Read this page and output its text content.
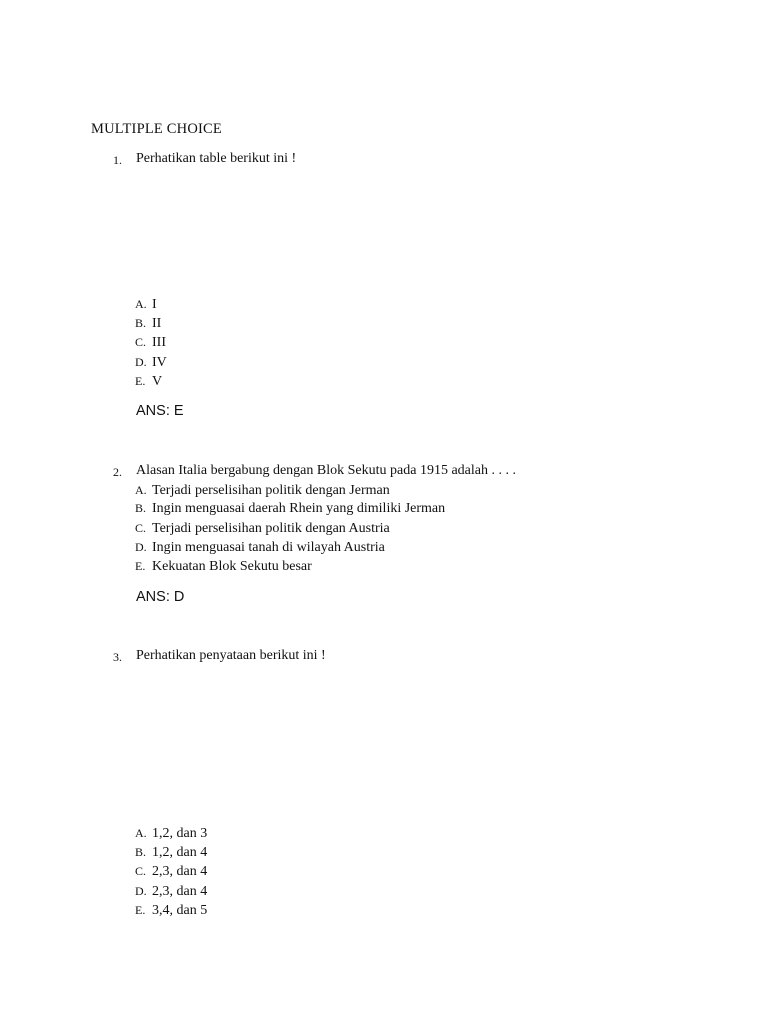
MULTIPLE CHOICE
1. Perhatikan table berikut ini !
A. I
B. II
C. III
D. IV
E. V
ANS: E
2. Alasan Italia bergabung dengan Blok Sekutu pada 1915 adalah . . . .
A. Terjadi perselisihan politik dengan Jerman
B. Ingin menguasai daerah Rhein yang dimiliki Jerman
C. Terjadi perselisihan politik dengan Austria
D. Ingin menguasai tanah di wilayah Austria
E. Kekuatan Blok Sekutu besar
ANS: D
3. Perhatikan penyataan berikut ini !
A. 1,2, dan 3
B. 1,2, dan 4
C. 2,3, dan 4
D. 2,3, dan 4
E. 3,4, dan 5
